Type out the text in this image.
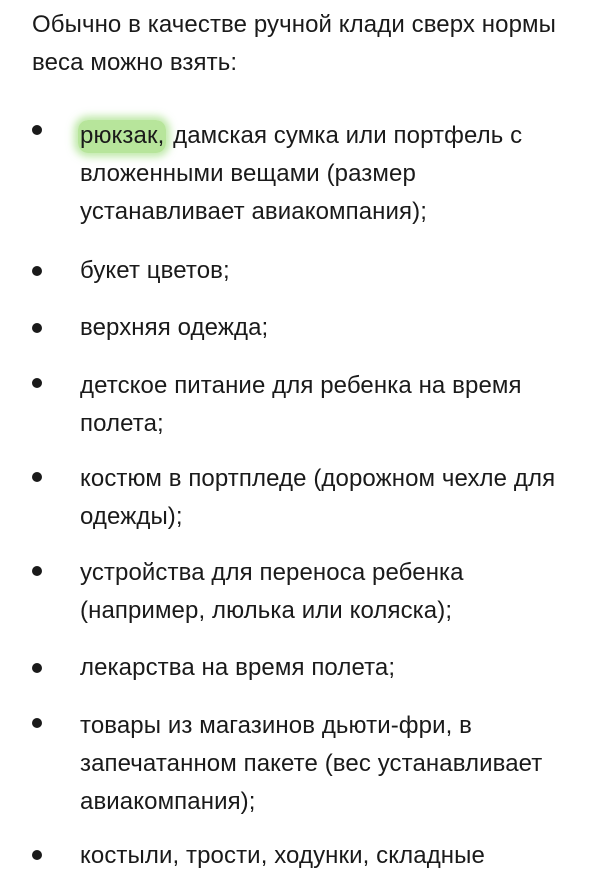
Обычно в качестве ручной клади сверх нормы веса можно взять:

рюкзак, дамская сумка или портфель с вложенными вещами (размер устанавливает авиакомпания);
букет цветов;
верхняя одежда;
детское питание для ребенка на время полета;
костюм в портпледе (дорожном чехле для одежды);
устройства для переноса ребенка (например, люлька или коляска);
лекарства на время полета;
товары из магазинов дьюти-фри, в запечатанном пакете (вес устанавливает авиакомпания);
костыли, трости, ходунки, складные
